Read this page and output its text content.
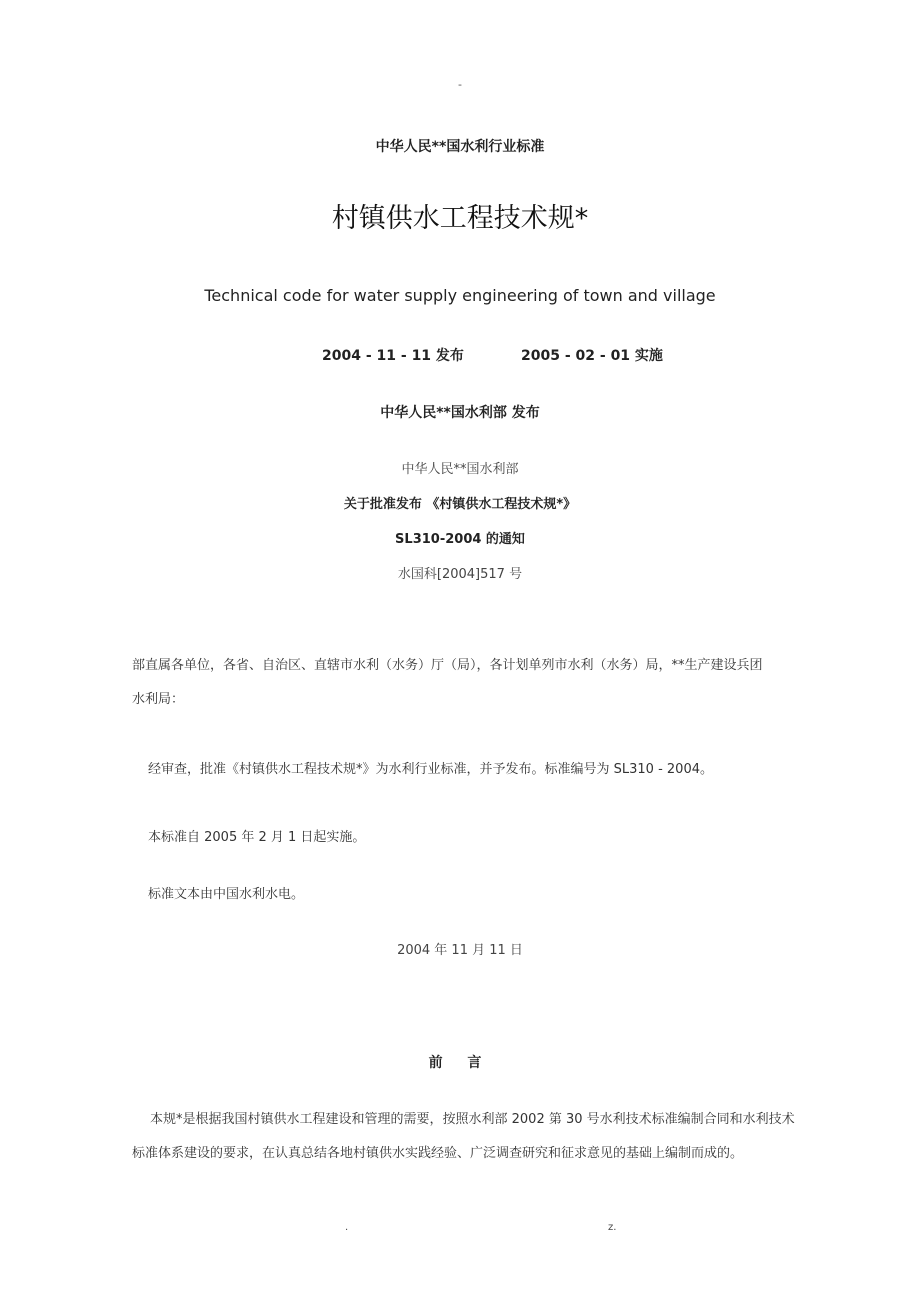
-
中华人民**国水利行业标准
村镇供水工程技术规*
Technical code for water supply engineering of town and village
2004 - 11 - 11 发布	2005 - 02 - 01 实施
中华人民**国水利部 发布
中华人民**国水利部
关于批准发布 《村镇供水工程技术规*》
SL310-2004 的通知
水国科[2004]517 号
部直属各单位，各省、自治区、直辖市水利（水务）厅（局），各计划单列市水利（水务）局，**生产建设兵团
水利局：
经审查，批准《村镇供水工程技术规*》为水利行业标准，并予发布。标准编号为 SL310 - 2004。
本标准自 2005 年 2 月 1 日起实施。
标准文本由中国水利水电。
2004 年 11 月 11 日
前 言
本规*是根据我国村镇供水工程建设和管理的需要，按照水利部 2002 第 30 号水利技术标准编制合同和水利技术
标准体系建设的要求，在认真总结各地村镇供水实践经验、广泛调查研究和征求意见的基础上编制而成的。
.	z.
